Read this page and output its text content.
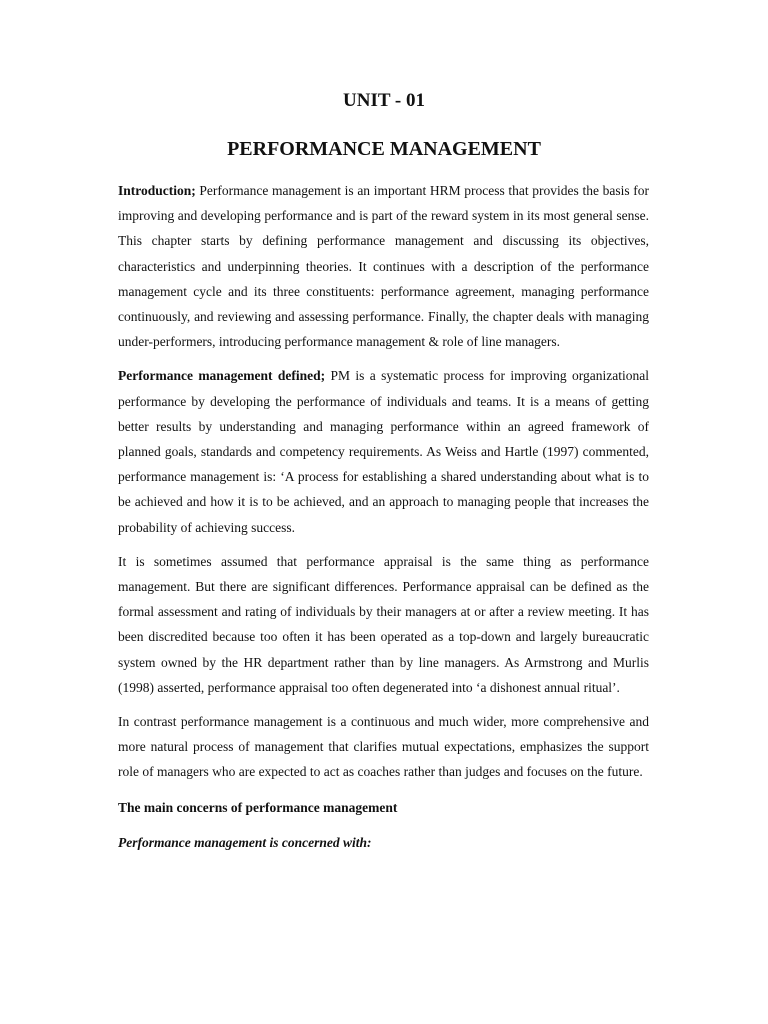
UNIT - 01
PERFORMANCE MANAGEMENT

Introduction; Performance management is an important HRM process that provides the basis for improving and developing performance and is part of the reward system in its most general sense. This chapter starts by defining performance management and discussing its objectives, characteristics and underpinning theories. It continues with a description of the performance management cycle and its three constituents: performance agreement, managing performance continuously, and reviewing and assessing performance. Finally, the chapter deals with managing under-performers, introducing performance management & role of line managers.

Performance management defined; PM is a systematic process for improving organizational performance by developing the performance of individuals and teams. It is a means of getting better results by understanding and managing performance within an agreed framework of planned goals, standards and competency requirements. As Weiss and Hartle (1997) commented, performance management is: ‘A process for establishing a shared understanding about what is to be achieved and how it is to be achieved, and an approach to managing people that increases the probability of achieving success.

It is sometimes assumed that performance appraisal is the same thing as performance management. But there are significant differences. Performance appraisal can be defined as the formal assessment and rating of individuals by their managers at or after a review meeting. It has been discredited because too often it has been operated as a top-down and largely bureaucratic system owned by the HR department rather than by line managers. As Armstrong and Murlis (1998) asserted, performance appraisal too often degenerated into ‘a dishonest annual ritual’.

In contrast performance management is a continuous and much wider, more comprehensive and more natural process of management that clarifies mutual expectations, emphasizes the support role of managers who are expected to act as coaches rather than judges and focuses on the future.

The main concerns of performance management

Performance management is concerned with:
